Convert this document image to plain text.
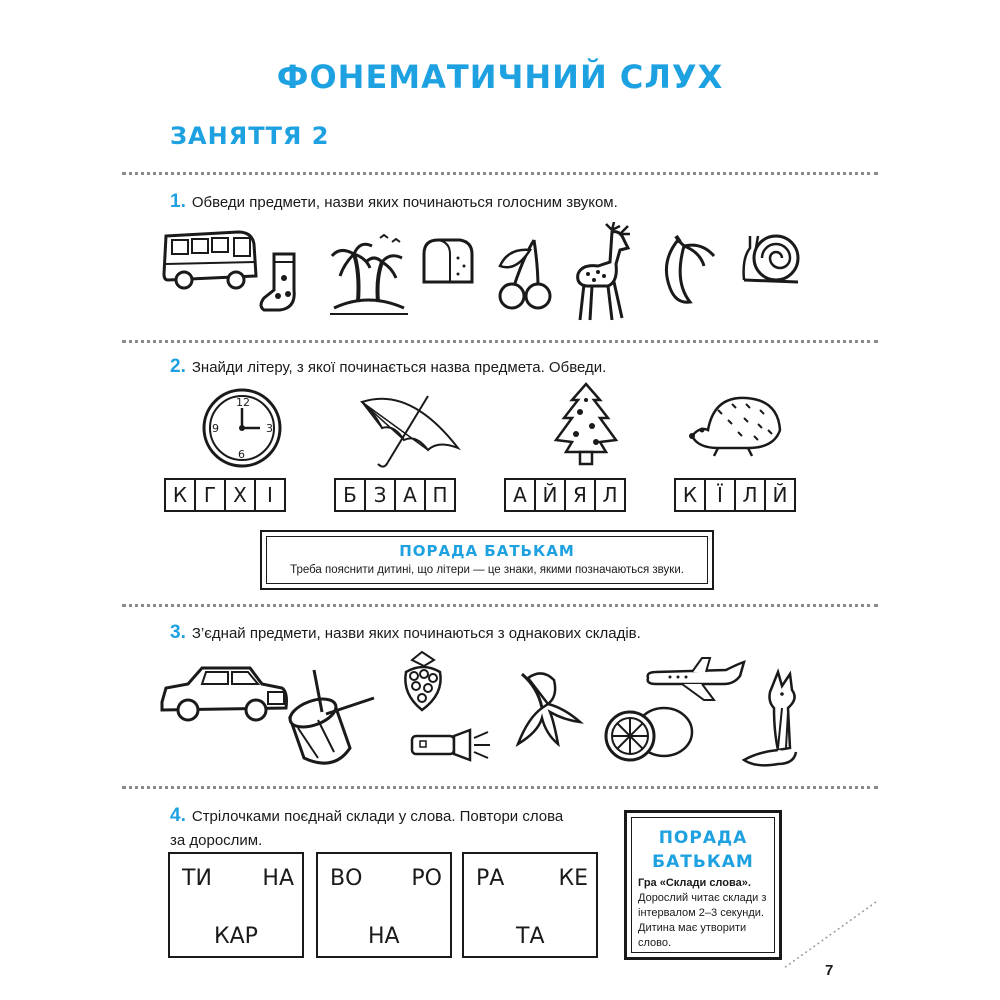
ФОНЕМАТИЧНИЙ СЛУХ
ЗАНЯТТЯ 2
1. Обведи предмети, назви яких починаються голосним звуком.
2. Знайди літеру, з якої починається назва предмета. Обведи.
12
3
6
9
К Г Х	І	Б З А П	А Й Я Л	К Ї Л Й
ПОРАДА БАТЬКАМ
Треба пояснити дитині, що літери — це знаки, якими позначаються звуки.
3. З’єднай предмети, назви яких починаються з однакових складів.
4. Стрілочками поєднай склади у слова. Повтори слова
за дорослим.
ТИ НА
КАР
ВО РО
НА
РА КЕ
ТА
ПОРАДА
БАТЬКАМ
Гра «Склади слова». Дорослий читає склади з інтервалом 2–3 секунди. Дитина має утворити слово.
7
